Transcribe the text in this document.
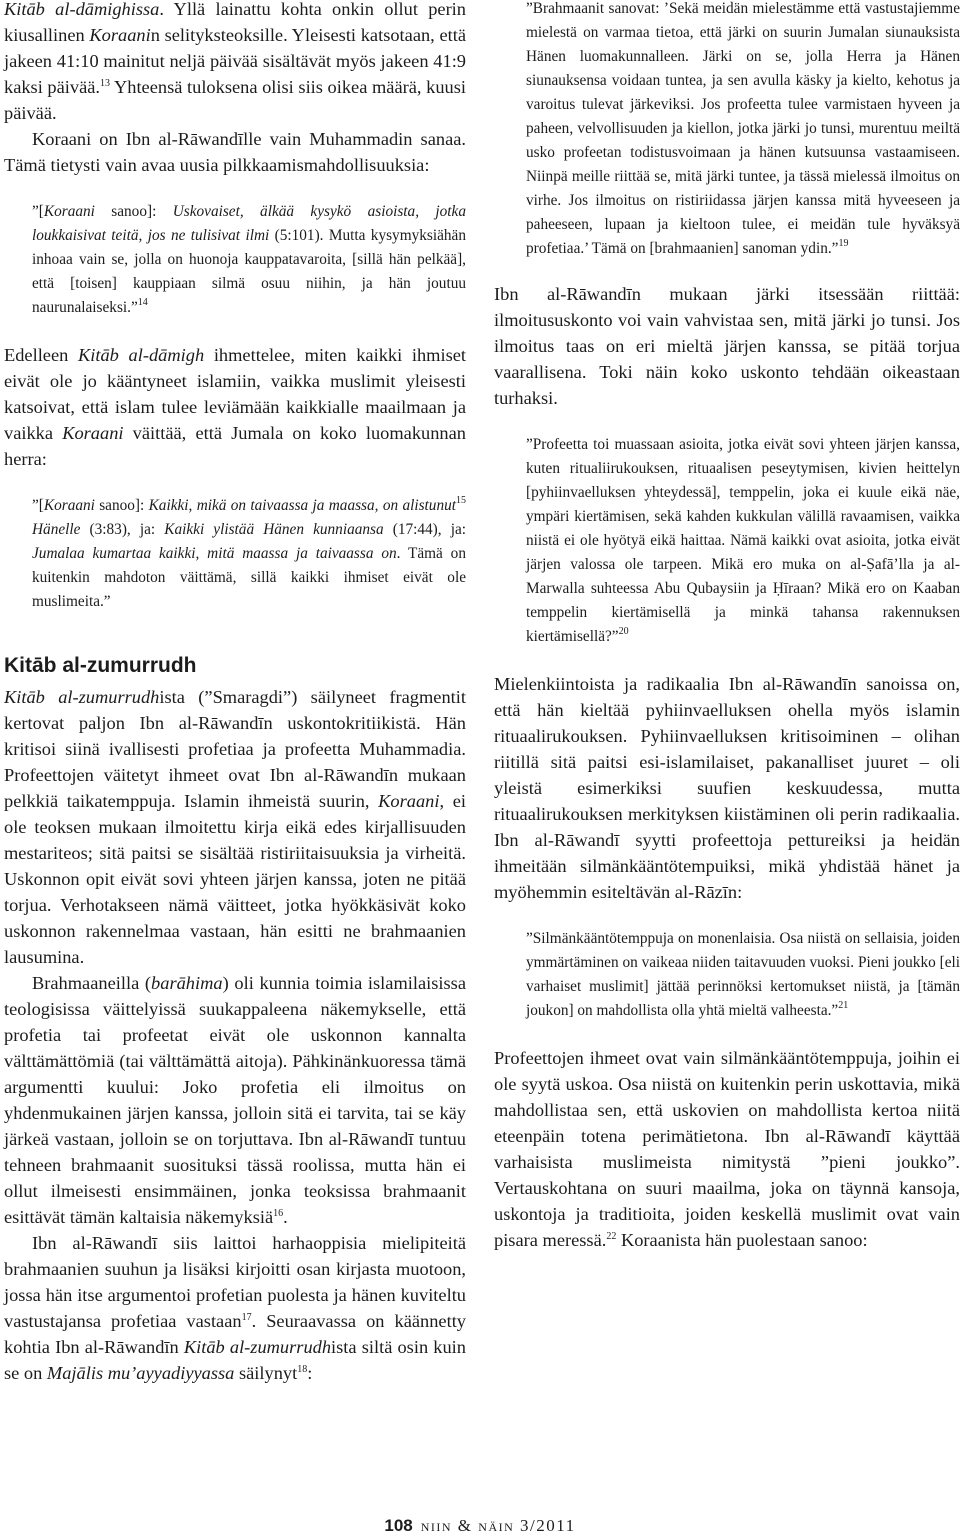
Kitāb al-dāmighissa. Yllä lainattu kohta onkin ollut perin kiusallinen Koraanin selityksteoksille. Yleisesti katsotaan, että jakeen 41:10 mainitut neljä päivää sisältävät myös jakeen 41:9 kaksi päivää.$^{13}$ Yhteensä tuloksena olisi siis oikea määrä, kuusi päivää.

Koraani on Ibn al-Rāwandīlle vain Muhammadin sanaa. Tämä tietysti vain avaa uusia pilkkaamismahdollisuuksia:

”[Koraani sanoo]: Uskovaiset, älkää kysykö asioista, jotka loukkaisivat teitä, jos ne tulisivat ilmi (5:101). Mutta kysymyksiähän inhoaa vain se, jolla on huonoja kauppatavaroita, [sillä hän pelkää], että [toisen] kauppiaan silmä osuu niihin, ja hän joutuu naurunalaiseksi.”$^{14}$

Edelleen Kitāb al-dāmigh ihmettelee, miten kaikki ihmiset eivät ole jo kääntyneet islamiin, vaikka muslimit yleisesti katsoivat, että islam tulee leviämään kaikkialle maailmaan ja vaikka Koraani väittää, että Jumala on koko luomakunnan herra:

”[Koraani sanoo]: Kaikki, mikä on taivaassa ja maassa, on alistunut$^{15}$ Hänelle (3:83), ja: Kaikki ylistää Hänen kunniaansa (17:44), ja: Jumalaa kumartaa kaikki, mitä maassa ja taivaassa on. Tämä on kuitenkin mahdoton väittämä, sillä kaikki ihmiset eivät ole muslimeita.”
Kitāb al-zumurrudh

Kitāb al-zumurrudhista (”Smaragdi”) säilyneet fragmentit kertovat paljon Ibn al-Rāwandīn uskontokritiikistä. Hän kritisoi siinä ivallisesti profetiaa ja profeetta Muhammadia. Profeettojen väitetyt ihmeet ovat Ibn al-Rāwandīn mukaan pelkkiä taikatemppuja. Islamin ihmeistä suurin, Koraani, ei ole teoksen mukaan ilmoitettu kirja eikä edes kirjallisuuden mestariteos; sitä paitsi se sisältää ristiriitaisuuksia ja virheitä. Uskonnon opit eivät sovi yhteen järjen kanssa, joten ne pitää torjua. Verhotakseen nämä väitteet, jotka hyökkäsivät koko uskonnon rakennelmaa vastaan, hän esitti ne brahmaanien lausumina.

Brahmaaneilla (barāhima) oli kunnia toimia islamilaisissa teologisissa väittelyissä suukappaleena näkemykselle, että profetia tai profeetat eivät ole uskonnon kannalta välttämättömiä (tai välttämättä aitoja). Pähkinänkuoressa tämä argumentti kuului: Joko profetia eli ilmoitus on yhdenmukainen järjen kanssa, jolloin sitä ei tarvita, tai se käy järkeä vastaan, jolloin se on torjuttava. Ibn al-Rāwandī tuntuu tehneen brahmaanit suosituksi tässä roolissa, mutta hän ei ollut ilmeisesti ensimmäinen, jonka teoksissa brahmaanit esittävät tämän kaltaisia näkemyksiä$^{16}$.

Ibn al-Rāwandī siis laittoi harhaoppisia mielipiteitä brahmaanien suuhun ja lisäksi kirjoitti osan kirjasta muotoon, jossa hän itse argumentoi profetian puolesta ja hänen kuviteltu vastustajansa profetiaa vastaan$^{17}$. Seuraavassa on käännetty kohtia Ibn al-Rāwandīn Kitāb al-zumurrudhista siltä osin kuin se on Majālis mu’ayyadiyyassa säilynyt$^{18}$:

”Brahmaanit sanovat: ’Sekä meidän mielestämme että vastustajiemme mielestä on varmaa tietoa, että järki on suurin Jumalan siunauksista Hänen luomakunnalleen. Järki on se, jolla Herra ja Hänen siunauksensa voidaan tuntea, ja sen avulla käsky ja kielto, kehotus ja varoitus tulevat järkeviksi. Jos profeetta tulee varmistaen hyveen ja paheen, velvollisuuden ja kiellon, jotka järki jo tunsi, murentuu meiltä usko profeetan todistusvoimaan ja hänen kutsuunsa vastaamiseen. Niinpä meille riittää se, mitä järki tuntee, ja tässä mielessä ilmoitus on virhe. Jos ilmoitus on ristiriidassa järjen kanssa mitä hyveeseen ja paheeseen, lupaan ja kieltoon tulee, ei meidän tule hyväksyä profetiaa.’ Tämä on [brahmaanien] sanoman ydin.”$^{19}$

Ibn al-Rāwandīn mukaan järki itsessään riittää: ilmoitususkonto voi vain vahvistaa sen, mitä järki jo tunsi. Jos ilmoitus taas on eri mieltä järjen kanssa, se pitää torjua vaarallisena. Toki näin koko uskonto tehdään oikeastaan turhaksi.

”Profeetta toi muassaan asioita, jotka eivät sovi yhteen järjen kanssa, kuten ritualiirukouksen, rituaalisen peseytymisen, kivien heittelyn [pyhiinvaelluksen yhteydessä], temppelin, joka ei kuule eikä näe, ympäri kiertämisen, sekä kahden kukkulan välillä ravaamisen, vaikka niistä ei ole hyötyä eikä haittaa. Nämä kaikki ovat asioita, jotka eivät järjen valossa ole tarpeen. Mikä ero muka on al-Ṣafā’lla ja al-Marwalla suhteessa Abu Qubaysiin ja Ḥīraan? Mikä ero on Kaaban temppelin kiertämisellä ja minkä tahansa rakennuksen kiertämisellä?”$^{20}$

Mielenkiintoista ja radikaalia Ibn al-Rāwandīn sanoissa on, että hän kieltää pyhiinvaelluksen ohella myös islamin rituaalirukouksen. Pyhiinvaelluksen kritisoiminen – olihan riitillä sitä paitsi esi-islamilaiset, pakanalliset juuret – oli yleistä esimerkiksi suufien keskuudessa, mutta rituaalirukouksen merkityksen kiistäminen oli perin radikaalia. Ibn al-Rāwandī syytti profeettoja pettureiksi ja heidän ihmeitään silmänkääntötempuiksi, mikä yhdistää hänet ja myöhemmin esiteltävän al-Rāzīn:

”Silmänkääntötemppuja on monenlaisia. Osa niistä on sellaisia, joiden ymmärtäminen on vaikeaa niiden taitavuuden vuoksi. Pieni joukko [eli varhaiset muslimit] jättää perinnöksi kertomukset niistä, ja [tämän joukon] on mahdollista olla yhtä mieltä valheesta.”$^{21}$

Profeettojen ihmeet ovat vain silmänkääntötemppuja, joihin ei ole syytä uskoa. Osa niistä on kuitenkin perin uskottavia, mikä mahdollistaa sen, että uskovien on mahdollista kertoa niitä eteenpäin totena perimätietona. Ibn al-Rāwandī käyttää varhaisista muslimeista nimitystä ”pieni joukko”. Vertauskohtana on suuri maailma, joka on täynnä kansoja, uskontoja ja traditioita, joiden keskellä muslimit ovat vain pisara meressä.$^{22}$ Koraanista hän puolestaan sanoo:

108 niin & näin 3/2011
